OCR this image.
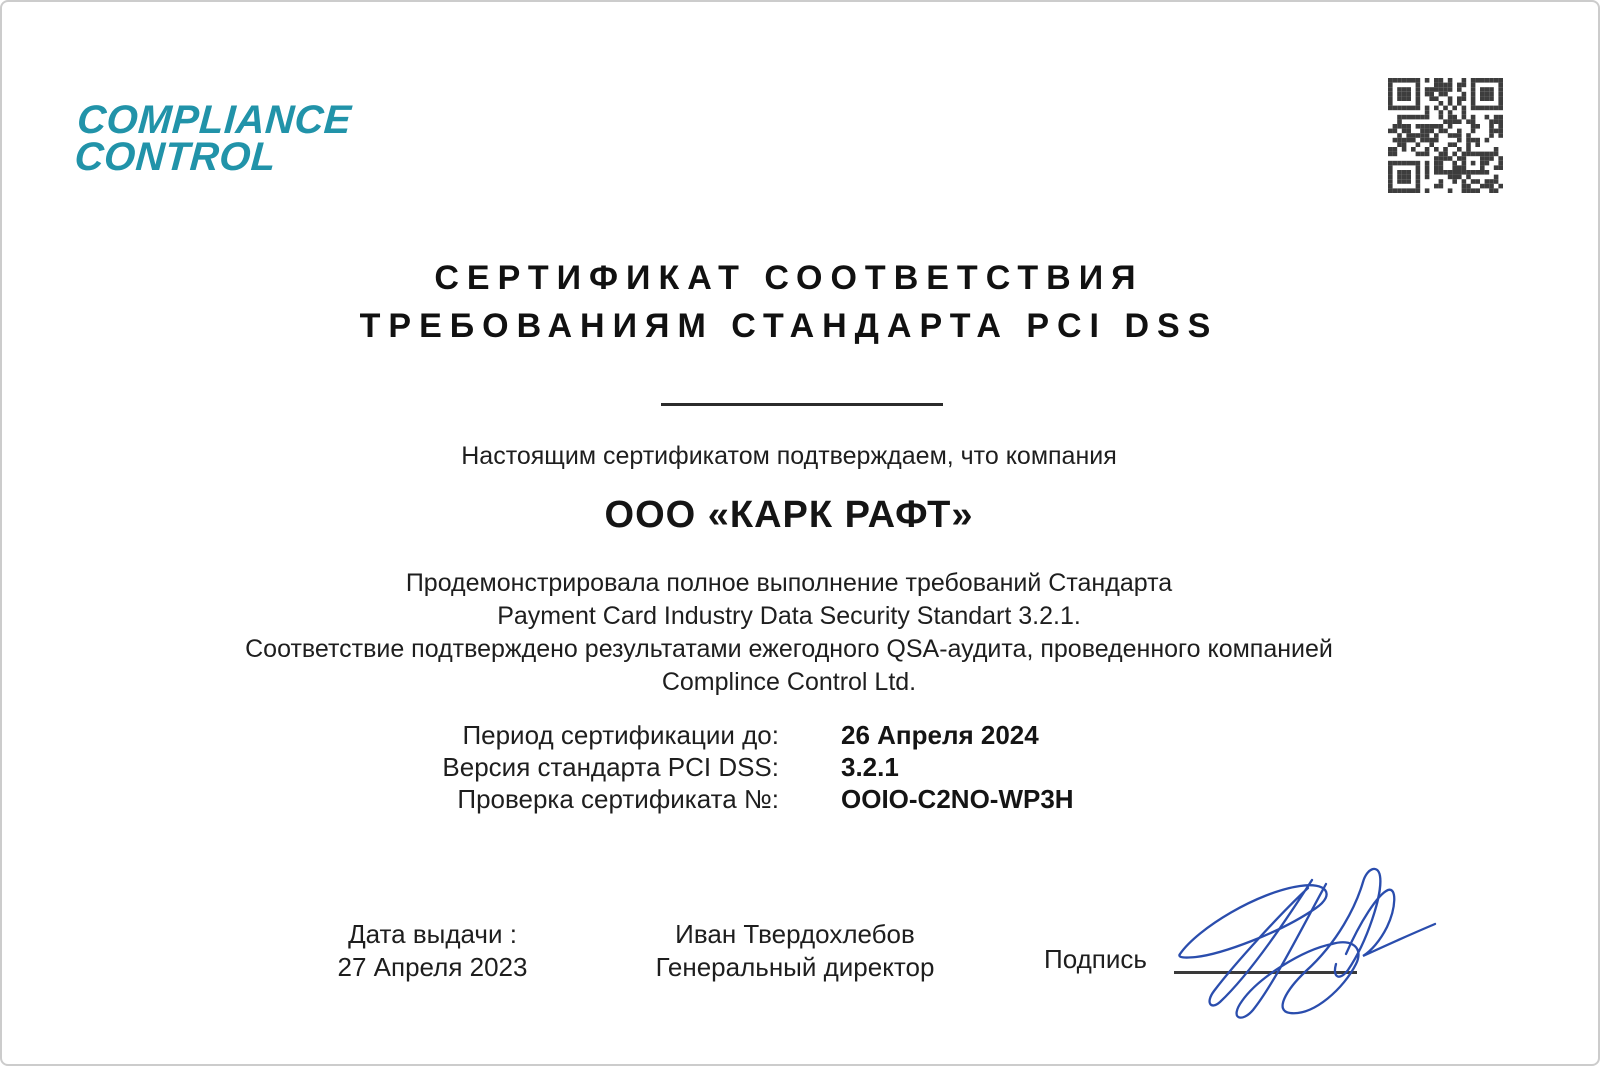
COMPLIANCE
CONTROL
СЕРТИФИКАТ СООТВЕТСТВИЯ
ТРЕБОВАНИЯМ СТАНДАРТА PCI DSS
Настоящим сертификатом подтверждаем, что компания
ООО «КАРК РАФТ»
Продемонстрировала полное выполнение требований Стандарта
Payment Card Industry Data Security Standart 3.2.1.
Соответствие подтверждено результатами ежегодного QSA-аудита, проведенного компанией
Complince Control Ltd.
Период сертификации до: 26 Апреля 2024
Версия стандарта PCI DSS: 3.2.1
Проверка сертификата №: OOIO-C2NO-WP3H
Дата выдачи :
27 Апреля 2023
Иван Твердохлебов
Генеральный директор	Подпись
